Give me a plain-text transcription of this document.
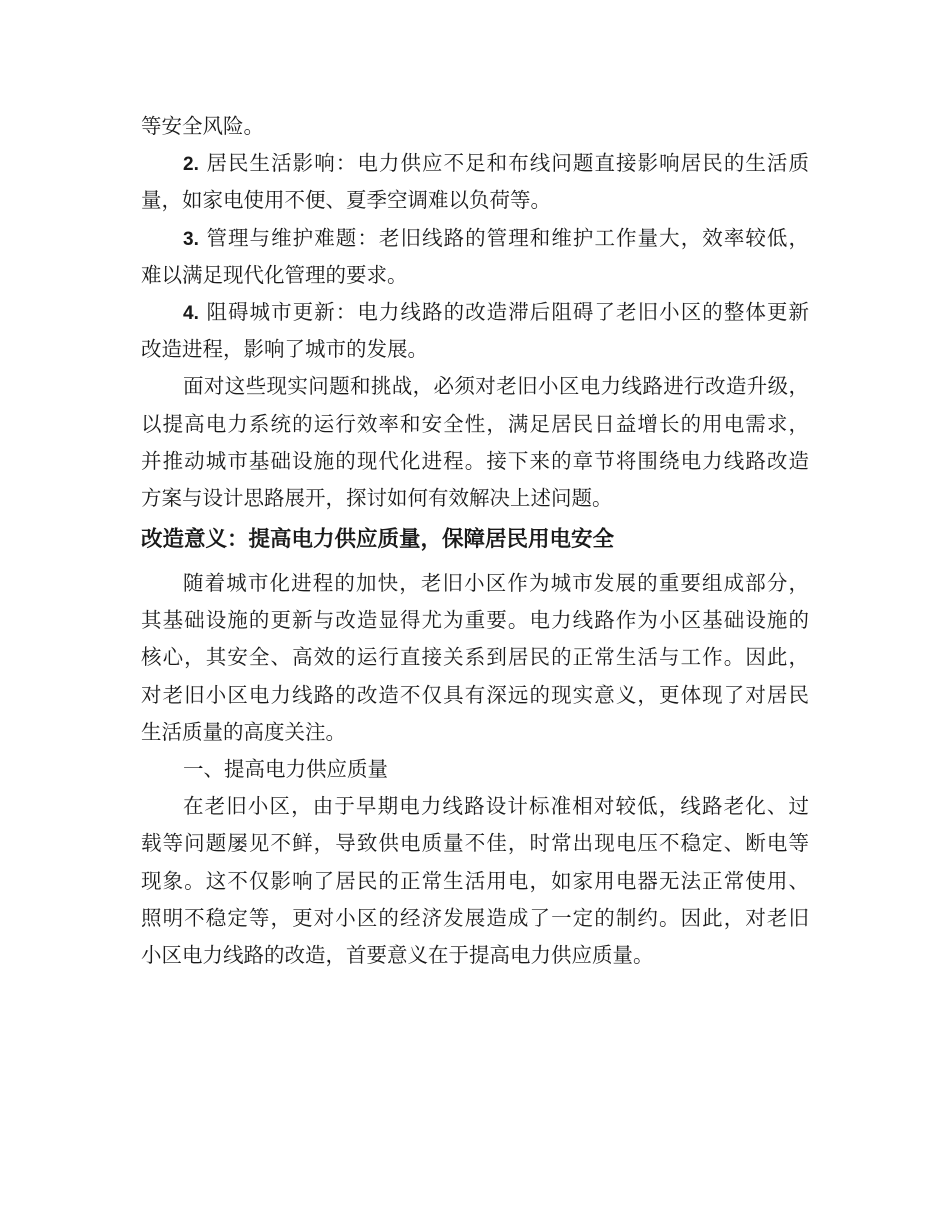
等安全风险。
2. 居民生活影响：电力供应不足和布线问题直接影响居民的生活质
量，如家电使用不便、夏季空调难以负荷等。
3. 管理与维护难题：老旧线路的管理和维护工作量大，效率较低，
难以满足现代化管理的要求。
4. 阻碍城市更新：电力线路的改造滞后阻碍了老旧小区的整体更新
改造进程，影响了城市的发展。
面对这些现实问题和挑战，必须对老旧小区电力线路进行改造升级，
以提高电力系统的运行效率和安全性，满足居民日益增长的用电需求，
并推动城市基础设施的现代化进程。接下来的章节将围绕电力线路改造
方案与设计思路展开，探讨如何有效解决上述问题。
改造意义：提高电力供应质量，保障居民用电安全
随着城市化进程的加快，老旧小区作为城市发展的重要组成部分，
其基础设施的更新与改造显得尤为重要。电力线路作为小区基础设施的
核心，其安全、高效的运行直接关系到居民的正常生活与工作。因此，
对老旧小区电力线路的改造不仅具有深远的现实意义，更体现了对居民
生活质量的高度关注。
一、提高电力供应质量
在老旧小区，由于早期电力线路设计标准相对较低，线路老化、过
载等问题屡见不鲜，导致供电质量不佳，时常出现电压不稳定、断电等
现象。这不仅影响了居民的正常生活用电，如家用电器无法正常使用、
照明不稳定等，更对小区的经济发展造成了一定的制约。因此，对老旧
小区电力线路的改造，首要意义在于提高电力供应质量。
